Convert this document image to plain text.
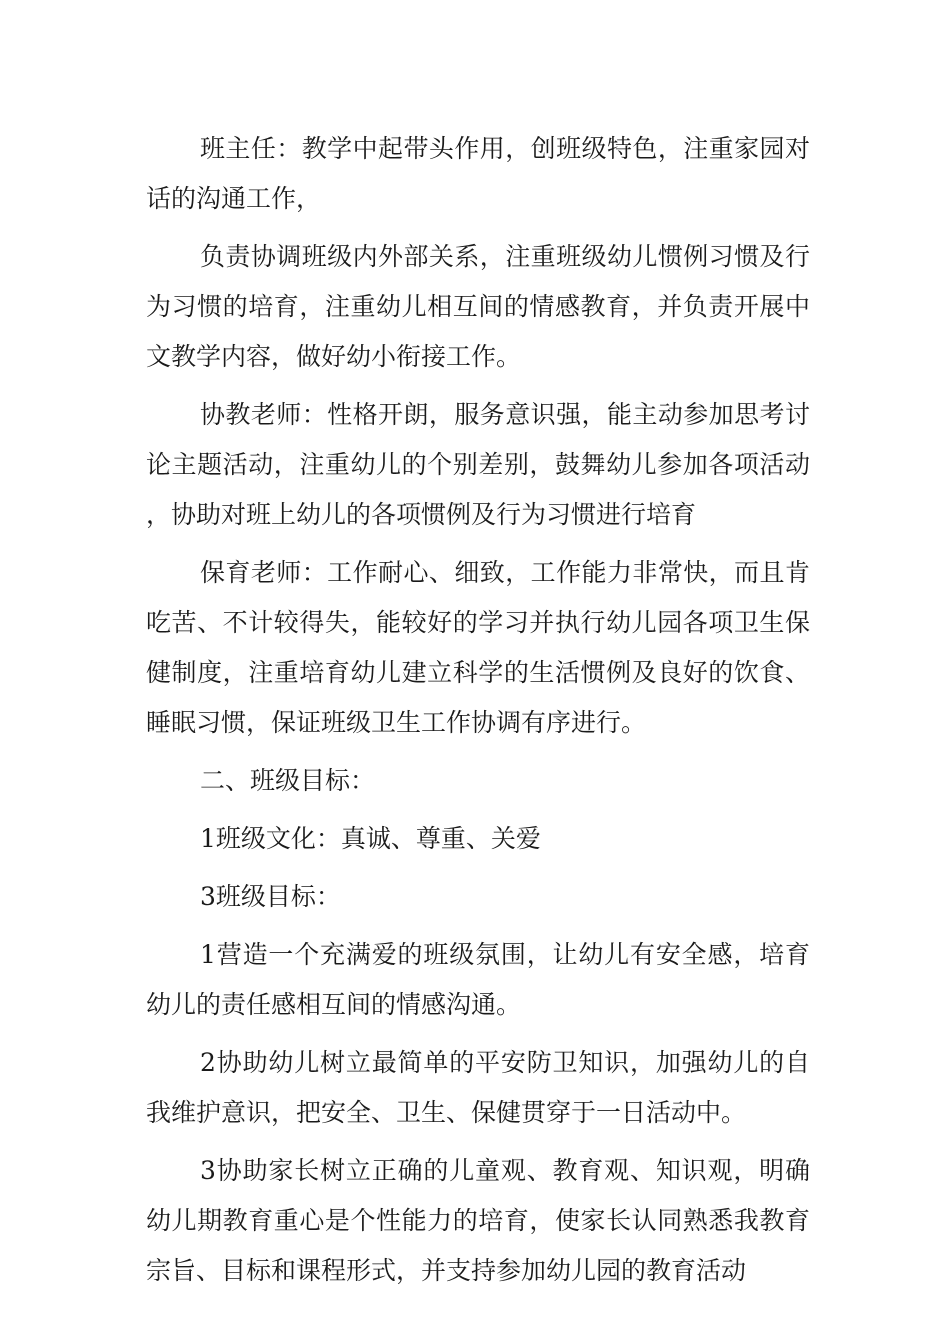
班主任：教学中起带头作用，创班级特色，注重家园对话的沟通工作，

负责协调班级内外部关系，注重班级幼儿惯例习惯及行为习惯的培育，注重幼儿相互间的情感教育，并负责开展中文教学内容，做好幼小衔接工作。

协教老师：性格开朗，服务意识强，能主动参加思考讨论主题活动，注重幼儿的个别差别，鼓舞幼儿参加各项活动，协助对班上幼儿的各项惯例及行为习惯进行培育

保育老师：工作耐心、细致，工作能力非常快，而且肯吃苦、不计较得失，能较好的学习并执行幼儿园各项卫生保健制度，注重培育幼儿建立科学的生活惯例及良好的饮食、睡眠习惯，保证班级卫生工作协调有序进行。

二、班级目标：

1班级文化：真诚、尊重、关爱

3班级目标：

1营造一个充满爱的班级氛围，让幼儿有安全感，培育幼儿的责任感相互间的情感沟通。

2协助幼儿树立最简单的平安防卫知识，加强幼儿的自我维护意识，把安全、卫生、保健贯穿于一日活动中。

3协助家长树立正确的儿童观、教育观、知识观，明确幼儿期教育重心是个性能力的培育，使家长认同熟悉我教育宗旨、目标和课程形式，并支持参加幼儿园的教育活动
